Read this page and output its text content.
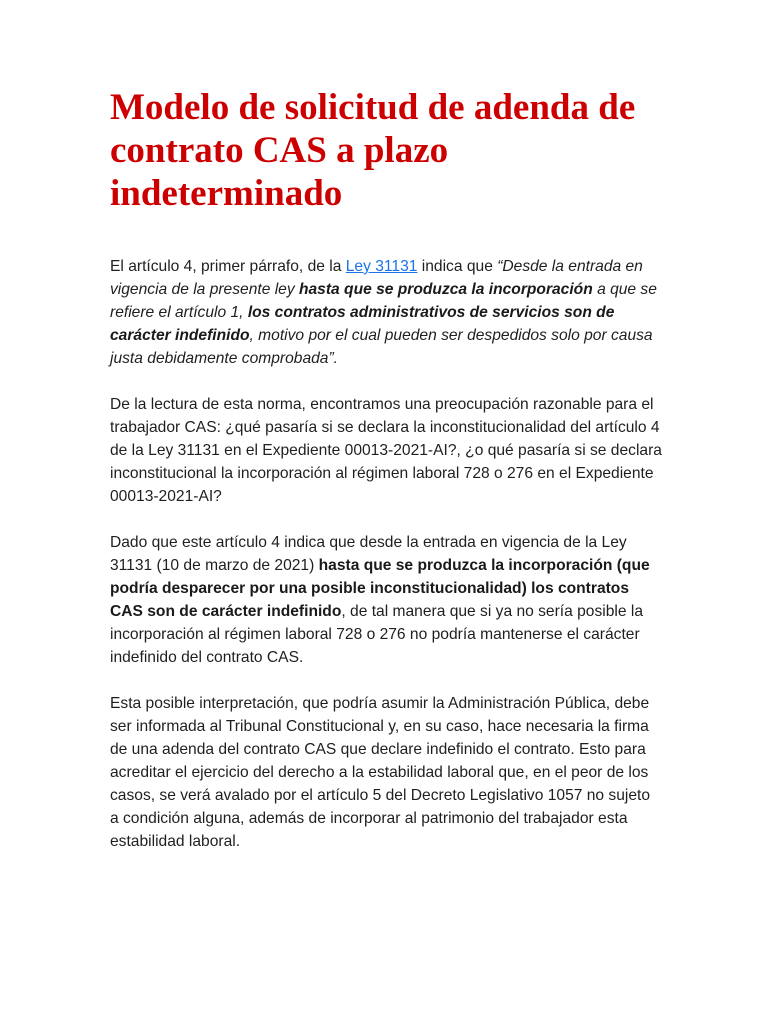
Modelo de solicitud de adenda de contrato CAS a plazo indeterminado

El artículo 4, primer párrafo, de la Ley 31131 indica que “Desde la entrada en vigencia de la presente ley hasta que se produzca la incorporación a que se refiere el artículo 1, los contratos administrativos de servicios son de carácter indefinido, motivo por el cual pueden ser despedidos solo por causa justa debidamente comprobada”.

De la lectura de esta norma, encontramos una preocupación razonable para el trabajador CAS: ¿qué pasaría si se declara la inconstitucionalidad del artículo 4 de la Ley 31131 en el Expediente 00013-2021-AI?, ¿o qué pasaría si se declara inconstitucional la incorporación al régimen laboral 728 o 276 en el Expediente 00013-2021-AI?

Dado que este artículo 4 indica que desde la entrada en vigencia de la Ley 31131 (10 de marzo de 2021) hasta que se produzca la incorporación (que podría desparecer por una posible inconstitucionalidad) los contratos CAS son de carácter indefinido, de tal manera que si ya no sería posible la incorporación al régimen laboral 728 o 276 no podría mantenerse el carácter indefinido del contrato CAS.

Esta posible interpretación, que podría asumir la Administración Pública, debe ser informada al Tribunal Constitucional y, en su caso, hace necesaria la firma de una adenda del contrato CAS que declare indefinido el contrato. Esto para acreditar el ejercicio del derecho a la estabilidad laboral que, en el peor de los casos, se verá avalado por el artículo 5 del Decreto Legislativo 1057 no sujeto a condición alguna, además de incorporar al patrimonio del trabajador esta estabilidad laboral.
